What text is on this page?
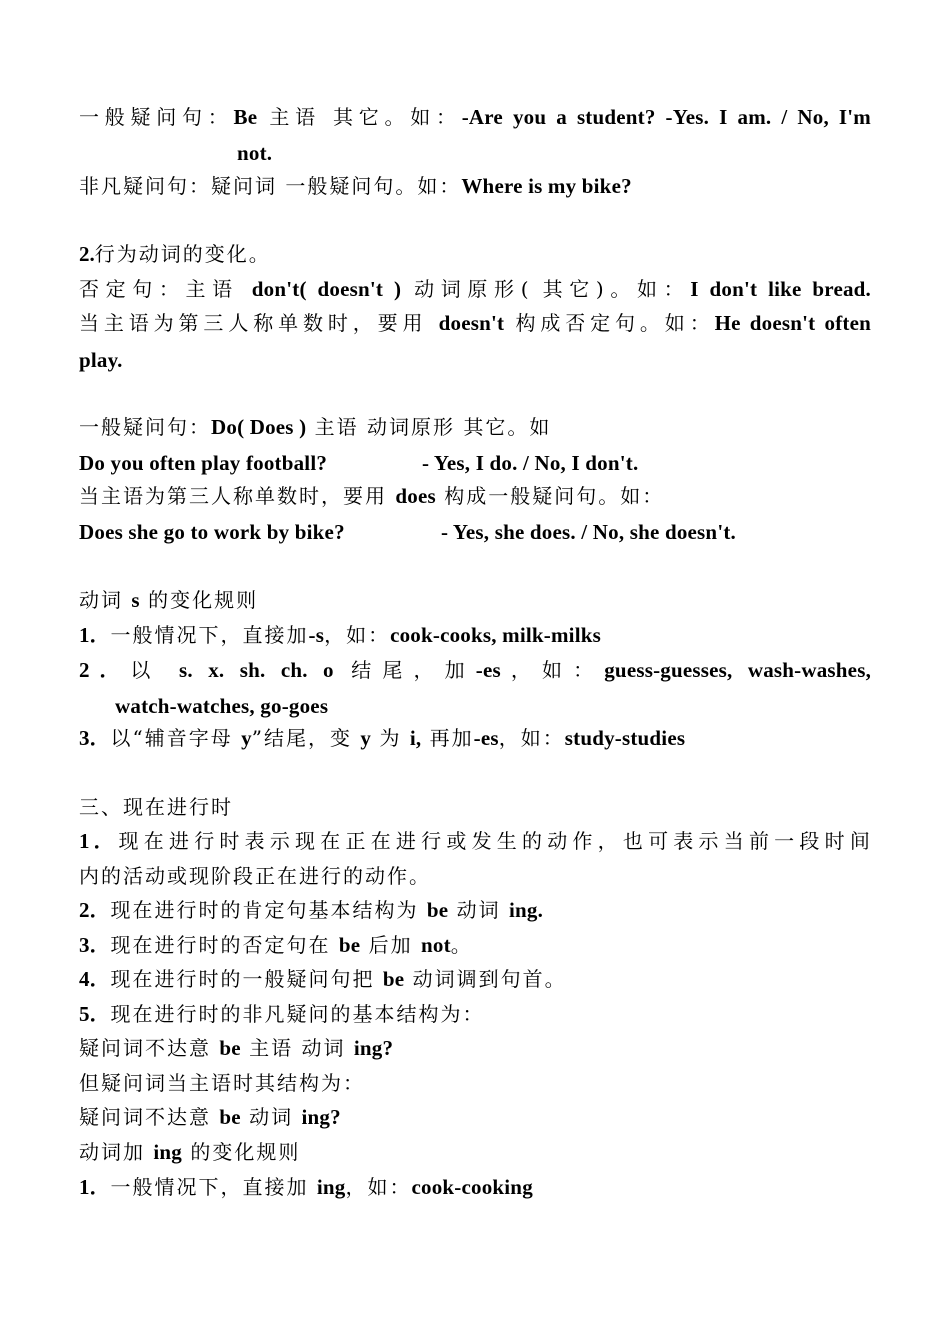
一般疑问句：Be 主语 其它。如：-Are you a student? -Yes. I am. / No, I'm
not.
非凡疑问句：疑问词 一般疑问句。如：Where is my bike?
2.行为动词的变化。
否定句：主语 don't( doesn't ) 动词原形( 其它)。如：I don't like bread.
当主语为第三人称单数时，要用 doesn't 构成否定句。如：He doesn't often
play.
一般疑问句：Do( Does ) 主语 动词原形 其它。如
Do you often play football?	- Yes, I do. / No, I don't.
当主语为第三人称单数时，要用 does 构成一般疑问句。如：
Does she go to work by bike?	- Yes, she does. / No, she doesn't.
动词 s 的变化规则
1．一般情况下，直接加-s，如：cook-cooks, milk-milks
2．以 s. x. sh. ch. o 结尾，加-es，如：guess-guesses, wash-washes,
watch-watches, go-goes
3．以“辅音字母 y”结尾，变 y 为 i, 再加-es，如：study-studies
三、现在进行时
1．现在进行时表示现在正在进行或发生的动作，也可表示当前一段时间
内的活动或现阶段正在进行的动作。
2．现在进行时的肯定句基本结构为 be 动词 ing.
3．现在进行时的否定句在 be 后加 not。
4．现在进行时的一般疑问句把 be 动词调到句首。
5．现在进行时的非凡疑问的基本结构为：
疑问词不达意 be 主语 动词 ing?
但疑问词当主语时其结构为：
疑问词不达意 be 动词 ing?
动词加 ing 的变化规则
1．一般情况下，直接加 ing，如：cook-cooking
